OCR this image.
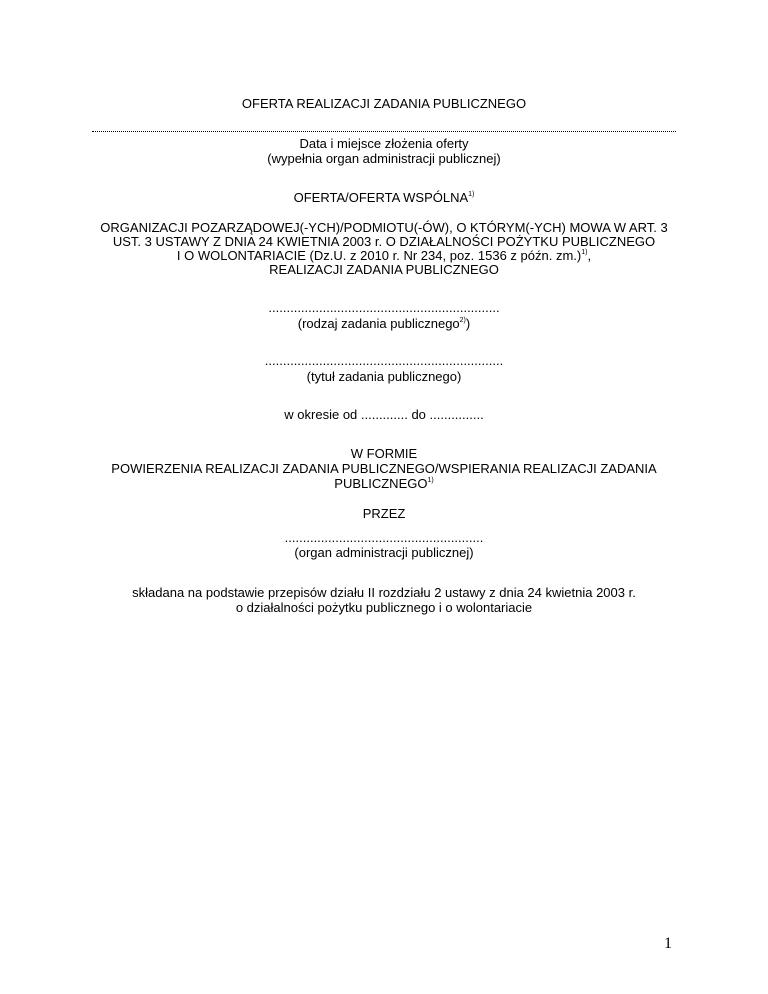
OFERTA REALIZACJI ZADANIA PUBLICZNEGO
Data i miejsce złożenia oferty
(wypełnia organ administracji publicznej)
OFERTA/OFERTA WSPÓLNA$^{1)}$
ORGANIZACJI POZARZĄDOWEJ(-YCH)/PODMIOTU(-ÓW), O KTÓRYM(-YCH) MOWA W ART. 3
UST. 3 USTAWY Z DNIA 24 KWIETNIA 2003 r. O DZIAŁALNOŚCI POŻYTKU PUBLICZNEGO
I O WOLONTARIACIE (Dz.U. z 2010 r. Nr 234, poz. 1536 z późn. zm.)$^{1)}$,
REALIZACJI ZADANIA PUBLICZNEGO
................................................................
(rodzaj zadania publicznego$^{2)}$)
..................................................................
(tytuł zadania publicznego)
w okresie od ............. do ...............
W FORMIE
POWIERZENIA REALIZACJI ZADANIA PUBLICZNEGO/WSPIERANIA REALIZACJI ZADANIA
PUBLICZNEGO$^{1)}$
PRZEZ
.......................................................
(organ administracji publicznej)
składana na podstawie przepisów działu II rozdziału 2 ustawy z dnia 24 kwietnia 2003 r.
o działalności pożytku publicznego i o wolontariacie
1
